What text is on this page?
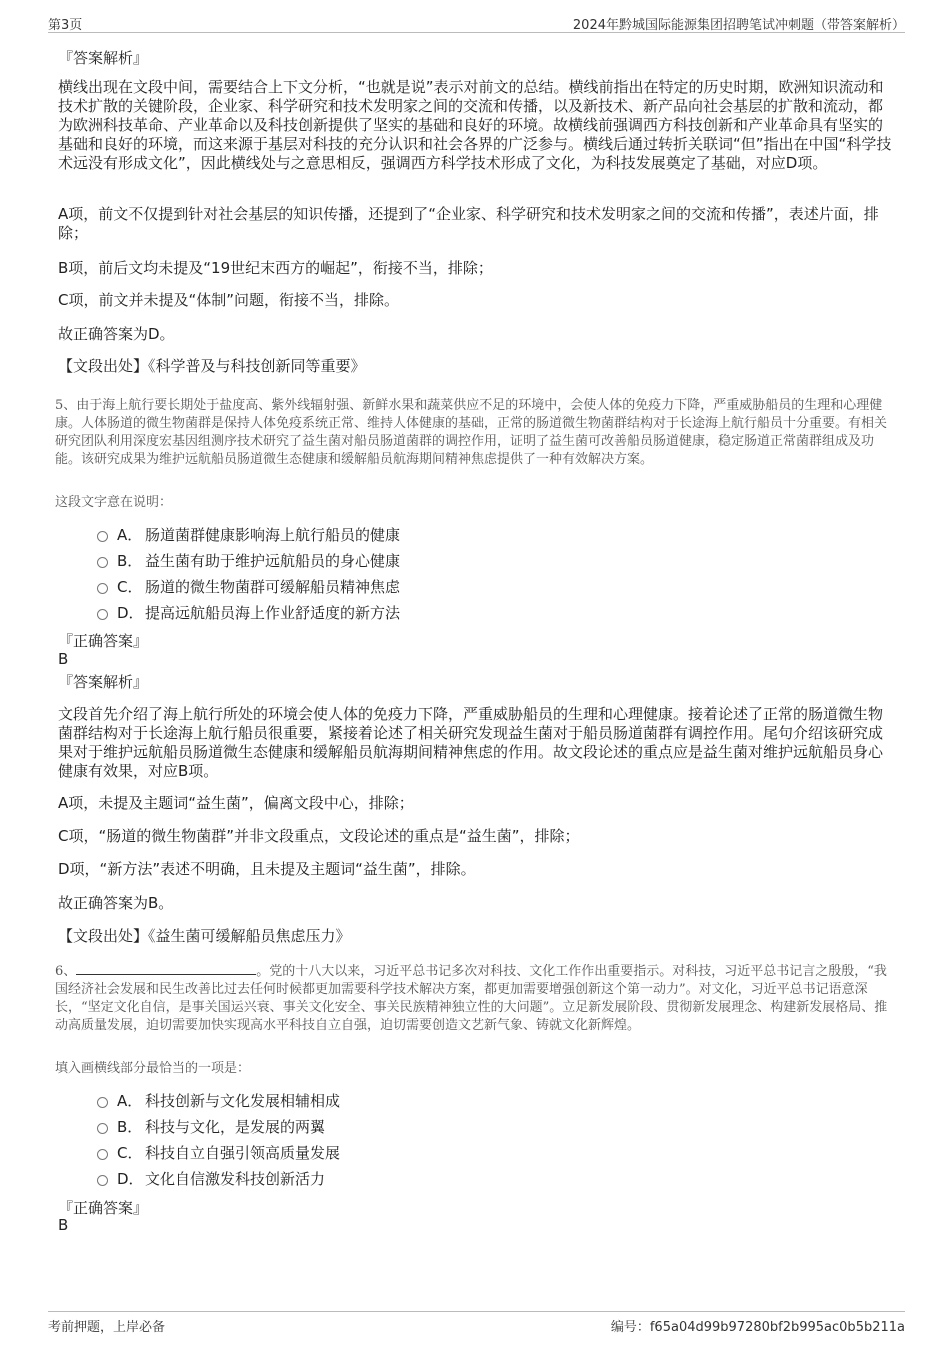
第3页	2024年黔城国际能源集团招聘笔试冲刺题（带答案解析）
『答案解析』

横线出现在文段中间，需要结合上下文分析，“也就是说”表示对前文的总结。横线前指出在特定的历史时期，欧洲知识流动和技术扩散的关键阶段，企业家、科学研究和技术发明家之间的交流和传播，以及新技术、新产品向社会基层的扩散和流动，都为欧洲科技革命、产业革命以及科技创新提供了坚实的基础和良好的环境。故横线前强调西方科技创新和产业革命具有坚实的基础和良好的环境，而这来源于基层对科技的充分认识和社会各界的广泛参与。横线后通过转折关联词“但”指出在中国“科学技术远没有形成文化”，因此横线处与之意思相反，强调西方科学技术形成了文化，为科技发展奠定了基础，对应D项。

A项，前文不仅提到针对社会基层的知识传播，还提到了“企业家、科学研究和技术发明家之间的交流和传播”，表述片面，排除；

B项，前后文均未提及“19世纪末西方的崛起”，衔接不当，排除；

C项，前文并未提及“体制”问题，衔接不当，排除。

故正确答案为D。

【文段出处】《科学普及与科技创新同等重要》

5、由于海上航行要长期处于盐度高、紫外线辐射强、新鲜水果和蔬菜供应不足的环境中，会使人体的免疫力下降，严重威胁船员的生理和心理健康。人体肠道的微生物菌群是保持人体免疫系统正常、维持人体健康的基础，正常的肠道微生物菌群结构对于长途海上航行船员十分重要。有相关研究团队利用深度宏基因组测序技术研究了益生菌对船员肠道菌群的调控作用，证明了益生菌可改善船员肠道健康，稳定肠道正常菌群组成及功能。该研究成果为维护远航船员肠道微生态健康和缓解船员航海期间精神焦虑提供了一种有效解决方案。

这段文字意在说明：
A． 肠道菌群健康影响海上航行船员的健康
B． 益生菌有助于维护远航船员的身心健康
C． 肠道的微生物菌群可缓解船员精神焦虑
D．提高远航船员海上作业舒适度的新方法
『正确答案』
B
『答案解析』

文段首先介绍了海上航行所处的环境会使人体的免疫力下降，严重威胁船员的生理和心理健康。接着论述了正常的肠道微生物菌群结构对于长途海上航行船员很重要，紧接着论述了相关研究发现益生菌对于船员肠道菌群有调控作用。尾句介绍该研究成果对于维护远航船员肠道微生态健康和缓解船员航海期间精神焦虑的作用。故文段论述的重点应是益生菌对维护远航船员身心健康有效果，对应B项。

A项，未提及主题词“益生菌”，偏离文段中心，排除；

C项，“肠道的微生物菌群”并非文段重点，文段论述的重点是“益生菌”，排除；

D项，“新方法”表述不明确，且未提及主题词“益生菌”，排除。

故正确答案为B。

【文段出处】《益生菌可缓解船员焦虑压力》

6、	。党的十八大以来，习近平总书记多次对科技、文化工作作出重要指示。对科技，习近平总书记言之殷殷，“我国经济社会发展和民生改善比过去任何时候都更加需要科学技术解决方案，都更加需要增强创新这个第一动力”。对文化，习近平总书记语意深长，“坚定文化自信，是事关国运兴衰、事关文化安全、事关民族精神独立性的大问题”。立足新发展阶段、贯彻新发展理念、构建新发展格局、推动高质量发展，迫切需要加快实现高水平科技自立自强，迫切需要创造文艺新气象、铸就文化新辉煌。

填入画横线部分最恰当的一项是：
A． 科技创新与文化发展相辅相成
B． 科技与文化，是发展的两翼
C． 科技自立自强引领高质量发展
D．文化自信激发科技创新活力
『正确答案』
B
考前押题，上岸必备	编号：f65a04d99b97280bf2b995ac0b5b211a
